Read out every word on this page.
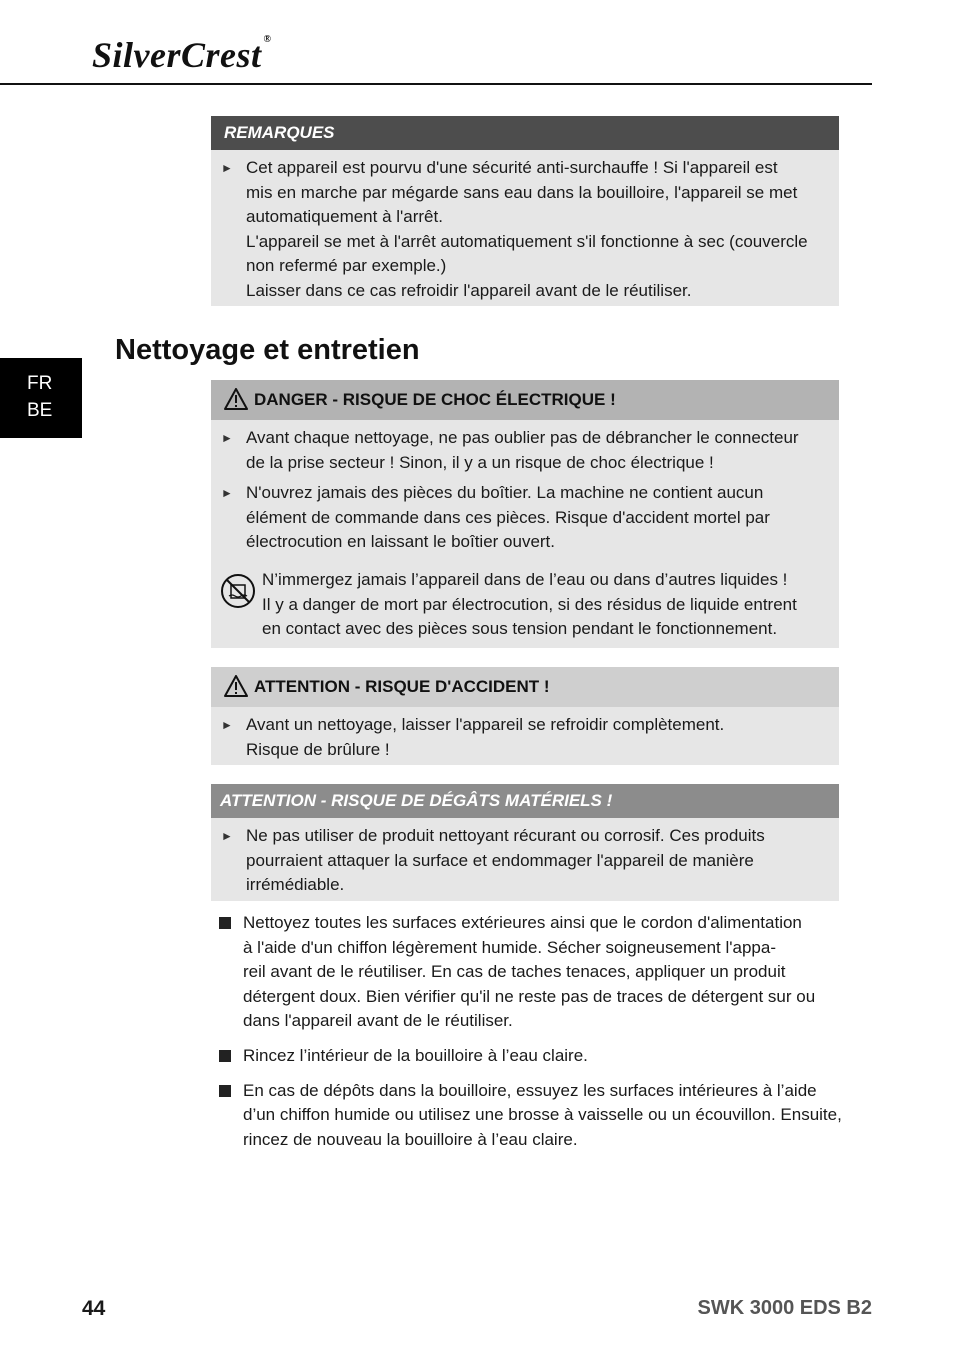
SilverCrest ®
FR
BE
REMARQUES
► Cet appareil est pourvu d'une sécurité anti-surchauffe ! Si l'appareil est

mis en marche par mégarde sans eau dans la bouilloire, l'appareil se met

automatiquement à l'arrêt.

L'appareil se met à l'arrêt automatiquement s'il fonctionne à sec (couvercle

non refermé par exemple.)

Laisser dans ce cas refroidir l'appareil avant de le réutiliser.

Nettoyage et entretien
DANGER - RISQUE DE CHOC ÉLECTRIQUE !
► Avant chaque nettoyage, ne pas oublier pas de débrancher le connecteur

de la prise secteur ! Sinon, il y a un risque de choc électrique !

► N'ouvrez jamais des pièces du boîtier. La machine ne contient aucun

élément de commande dans ces pièces. Risque d'accident mortel par

électrocution en laissant le boîtier ouvert.

N’immergez jamais l’appareil dans de l’eau ou dans d’autres liquides !

Il y a danger de mort par électrocution, si des résidus de liquide entrent

en contact avec des pièces sous tension pendant le fonctionnement.

ATTENTION - RISQUE D'ACCIDENT !
► Avant un nettoyage, laisser l'appareil se refroidir complètement.

Risque de brûlure !

ATTENTION - RISQUE DE DÉGÂTS MATÉRIELS !
► Ne pas utiliser de produit nettoyant récurant ou corrosif. Ces produits

pourraient attaquer la surface et endommager l'appareil de manière

irrémédiable.

Nettoyez toutes les surfaces extérieures ainsi que le cordon d'alimentation

à l'aide d'un chiffon légèrement humide. Sécher soigneusement l'appa-

reil avant de le réutiliser. En cas de taches tenaces, appliquer un produit

détergent doux. Bien vérifier qu'il ne reste pas de traces de détergent sur ou

dans l'appareil avant de le réutiliser.

Rincez l’intérieur de la bouilloire à l’eau claire.

En cas de dépôts dans la bouilloire, essuyez les surfaces intérieures à l’aide

d’un chiffon humide ou utilisez une brosse à vaisselle ou un écouvillon. Ensuite,

rincez de nouveau la bouilloire à l’eau claire.

44	SWK 3000 EDS B2
